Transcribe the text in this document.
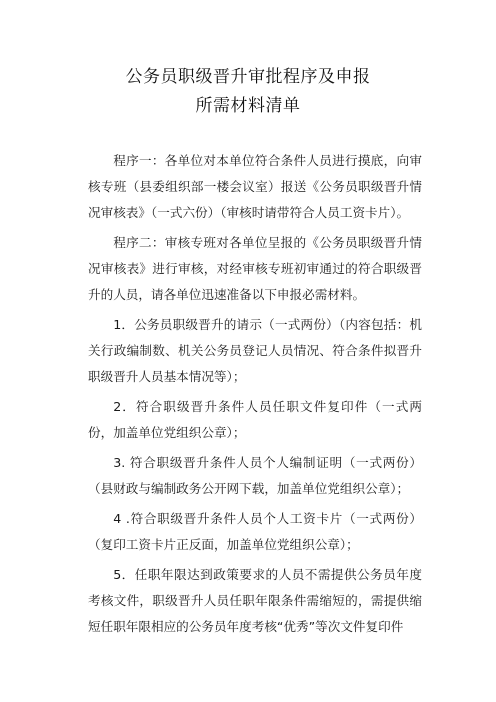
公务员职级晋升审批程序及申报
所需材料清单

程序一：各单位对本单位符合条件人员进行摸底，向审核专班（县委组织部一楼会议室）报送《公务员职级晋升情况审核表》（一式六份）（审核时请带符合人员工资卡片）。

程序二：审核专班对各单位呈报的《公务员职级晋升情况审核表》进行审核，对经审核专班初审通过的符合职级晋升的人员，请各单位迅速准备以下申报必需材料。

1．公务员职级晋升的请示（一式两份）（内容包括：机关行政编制数、机关公务员登记人员情况、符合条件拟晋升职级晋升人员基本情况等）；

2．符合职级晋升条件人员任职文件复印件（一式两份，加盖单位党组织公章）；

3. 符合职级晋升条件人员个人编制证明（一式两份）（县财政与编制政务公开网下载，加盖单位党组织公章）；

4 .符合职级晋升条件人员个人工资卡片（一式两份）（复印工资卡片正反面，加盖单位党组织公章）；

5．任职年限达到政策要求的人员不需提供公务员年度考核文件，职级晋升人员任职年限条件需缩短的，需提供缩短任职年限相应的公务员年度考核“优秀”等次文件复印件
